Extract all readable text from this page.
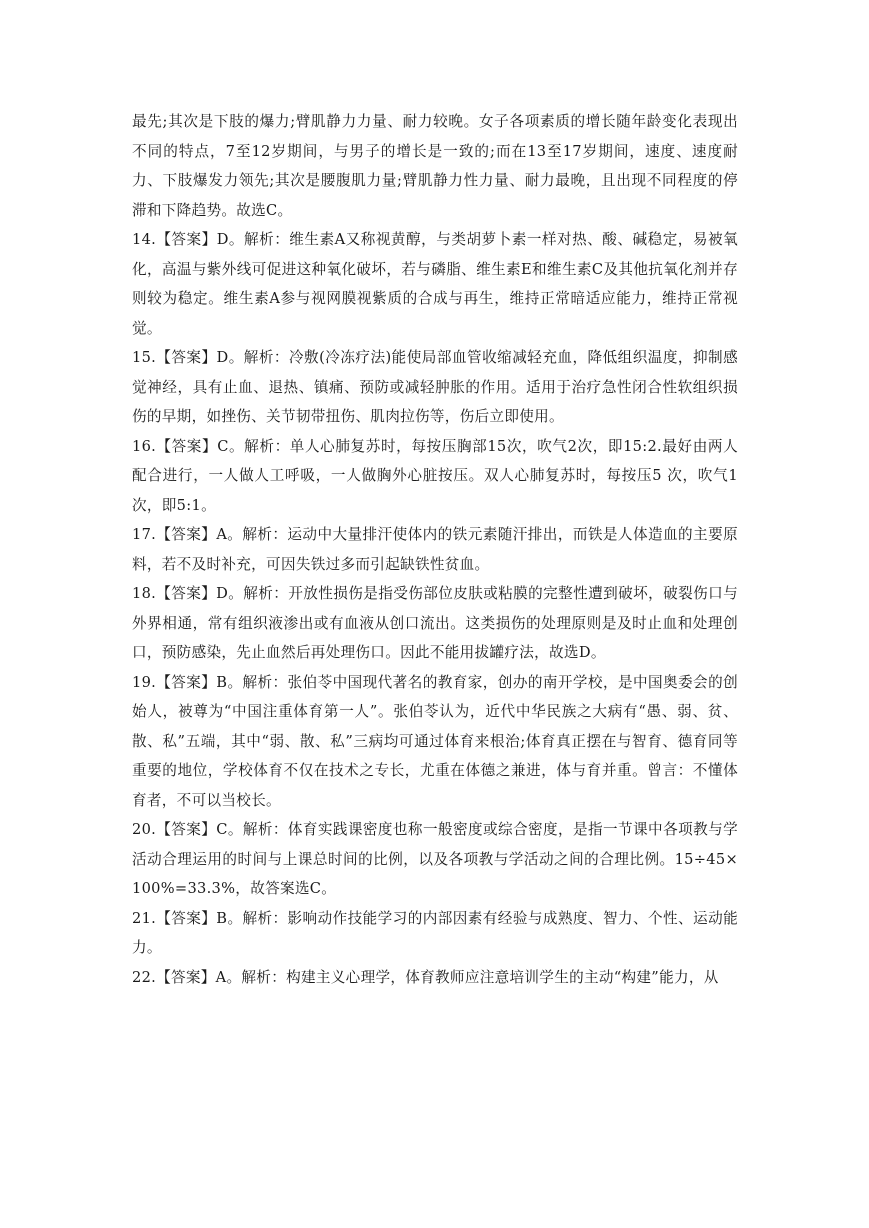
最先;其次是下肢的爆力;臂肌静力力量、耐力较晚。女子各项素质的增长随年龄变化表现出不同的特点，7至12岁期间，与男子的增长是一致的;而在13至17岁期间，速度、速度耐力、下肢爆发力领先;其次是腰腹肌力量;臂肌静力性力量、耐力最晚，且出现不同程度的停滞和下降趋势。故选C。

14.【答案】D。解析：维生素A又称视黄醇，与类胡萝卜素一样对热、酸、碱稳定，易被氧化，高温与紫外线可促进这种氧化破坏，若与磷脂、维生素E和维生素C及其他抗氧化剂并存则较为稳定。维生素A参与视网膜视紫质的合成与再生，维持正常暗适应能力，维持正常视觉。

15.【答案】D。解析：冷敷(冷冻疗法)能使局部血管收缩减轻充血，降低组织温度，抑制感觉神经，具有止血、退热、镇痛、预防或减轻肿胀的作用。适用于治疗急性闭合性软组织损伤的早期，如挫伤、关节韧带扭伤、肌肉拉伤等，伤后立即使用。

16.【答案】C。解析：单人心肺复苏时，每按压胸部15次，吹气2次，即15:2.最好由两人配合进行，一人做人工呼吸，一人做胸外心脏按压。双人心肺复苏时，每按压5 次，吹气1次，即5:1。

17.【答案】A。解析：运动中大量排汗使体内的铁元素随汗排出，而铁是人体造血的主要原料，若不及时补充，可因失铁过多而引起缺铁性贫血。

18.【答案】D。解析：开放性损伤是指受伤部位皮肤或粘膜的完整性遭到破坏，破裂伤口与外界相通，常有组织液渗出或有血液从创口流出。这类损伤的处理原则是及时止血和处理创口，预防感染，先止血然后再处理伤口。因此不能用拔罐疗法，故选D。

19.【答案】B。解析：张伯苓中国现代著名的教育家，创办的南开学校，是中国奥委会的创始人，被尊为“中国注重体育第一人”。张伯苓认为，近代中华民族之大病有“愚、弱、贫、散、私”五端，其中“弱、散、私”三病均可通过体育来根治;体育真正摆在与智育、德育同等重要的地位，学校体育不仅在技术之专长，尤重在体德之兼进，体与育并重。曾言：不懂体育者，不可以当校长。

20.【答案】C。解析：体育实践课密度也称一般密度或综合密度，是指一节课中各项教与学活动合理运用的时间与上课总时间的比例，以及各项教与学活动之间的合理比例。15÷45×100%=33.3%，故答案选C。

21.【答案】B。解析：影响动作技能学习的内部因素有经验与成熟度、智力、个性、运动能力。

22.【答案】A。解析：构建主义心理学，体育教师应注意培训学生的主动“构建”能力，从
